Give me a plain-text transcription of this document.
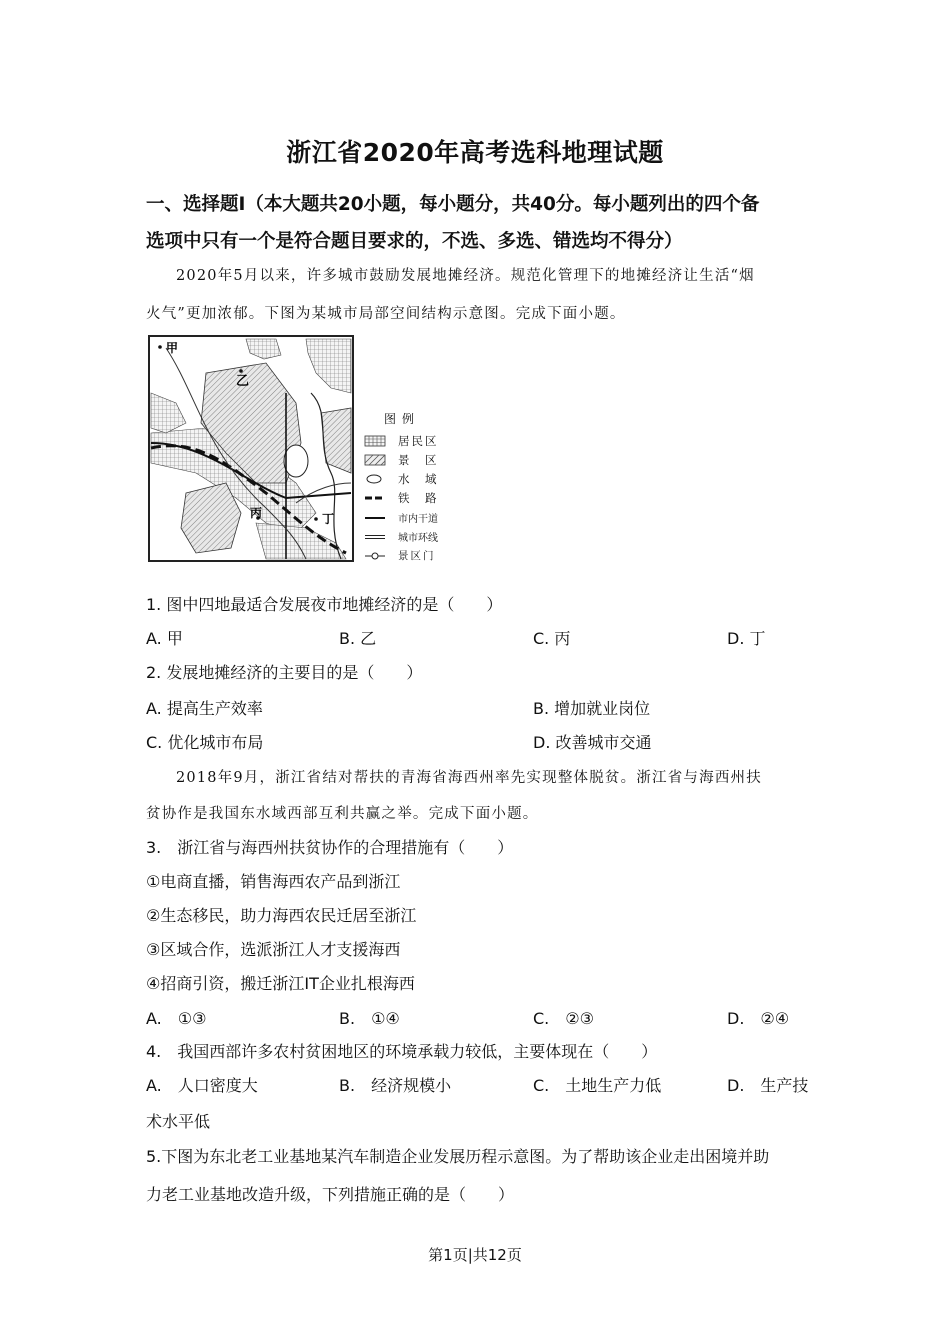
浙江省2020年高考选科地理试题
一、选择题Ⅰ（本大题共20小题，每小题分，共40分。每小题列出的四个备
选项中只有一个是符合题目要求的，不选、多选、错选均不得分）
2020年5月以来，许多城市鼓励发展地摊经济。规范化管理下的地摊经济让生活“烟
火气”更加浓郁。下图为某城市局部空间结构示意图。完成下面小题。
甲
乙
丙	丁
图例
居民区
景　区
水　域
铁　路
市内干道
城市环线
景区门
1. 图中四地最适合发展夜市地摊经济的是（　　）
A. 甲	B. 乙	C. 丙	D. 丁
2. 发展地摊经济的主要目的是（　　）
A. 提高生产效率	B. 增加就业岗位
C. 优化城市布局	D. 改善城市交通
2018年9月，浙江省结对帮扶的青海省海西州率先实现整体脱贫。浙江省与海西州扶
贫协作是我国东水域西部互利共赢之举。完成下面小题。
3.　浙江省与海西州扶贫协作的合理措施有（　　）
①电商直播，销售海西农产品到浙江
②生态移民，助力海西农民迁居至浙江
③区域合作，选派浙江人才支援海西
④招商引资，搬迁浙江IT企业扎根海西
A.　①③	B.　①④	C.　②③	D.　②④
4.　我国西部许多农村贫困地区的环境承载力较低，主要体现在（　　）
A.　人口密度大	B.　经济规模小	C.　土地生产力低	D.　生产技
术水平低
5.下图为东北老工业基地某汽车制造企业发展历程示意图。为了帮助该企业走出困境并助
力老工业基地改造升级，下列措施正确的是（　　）
第1页|共12页
